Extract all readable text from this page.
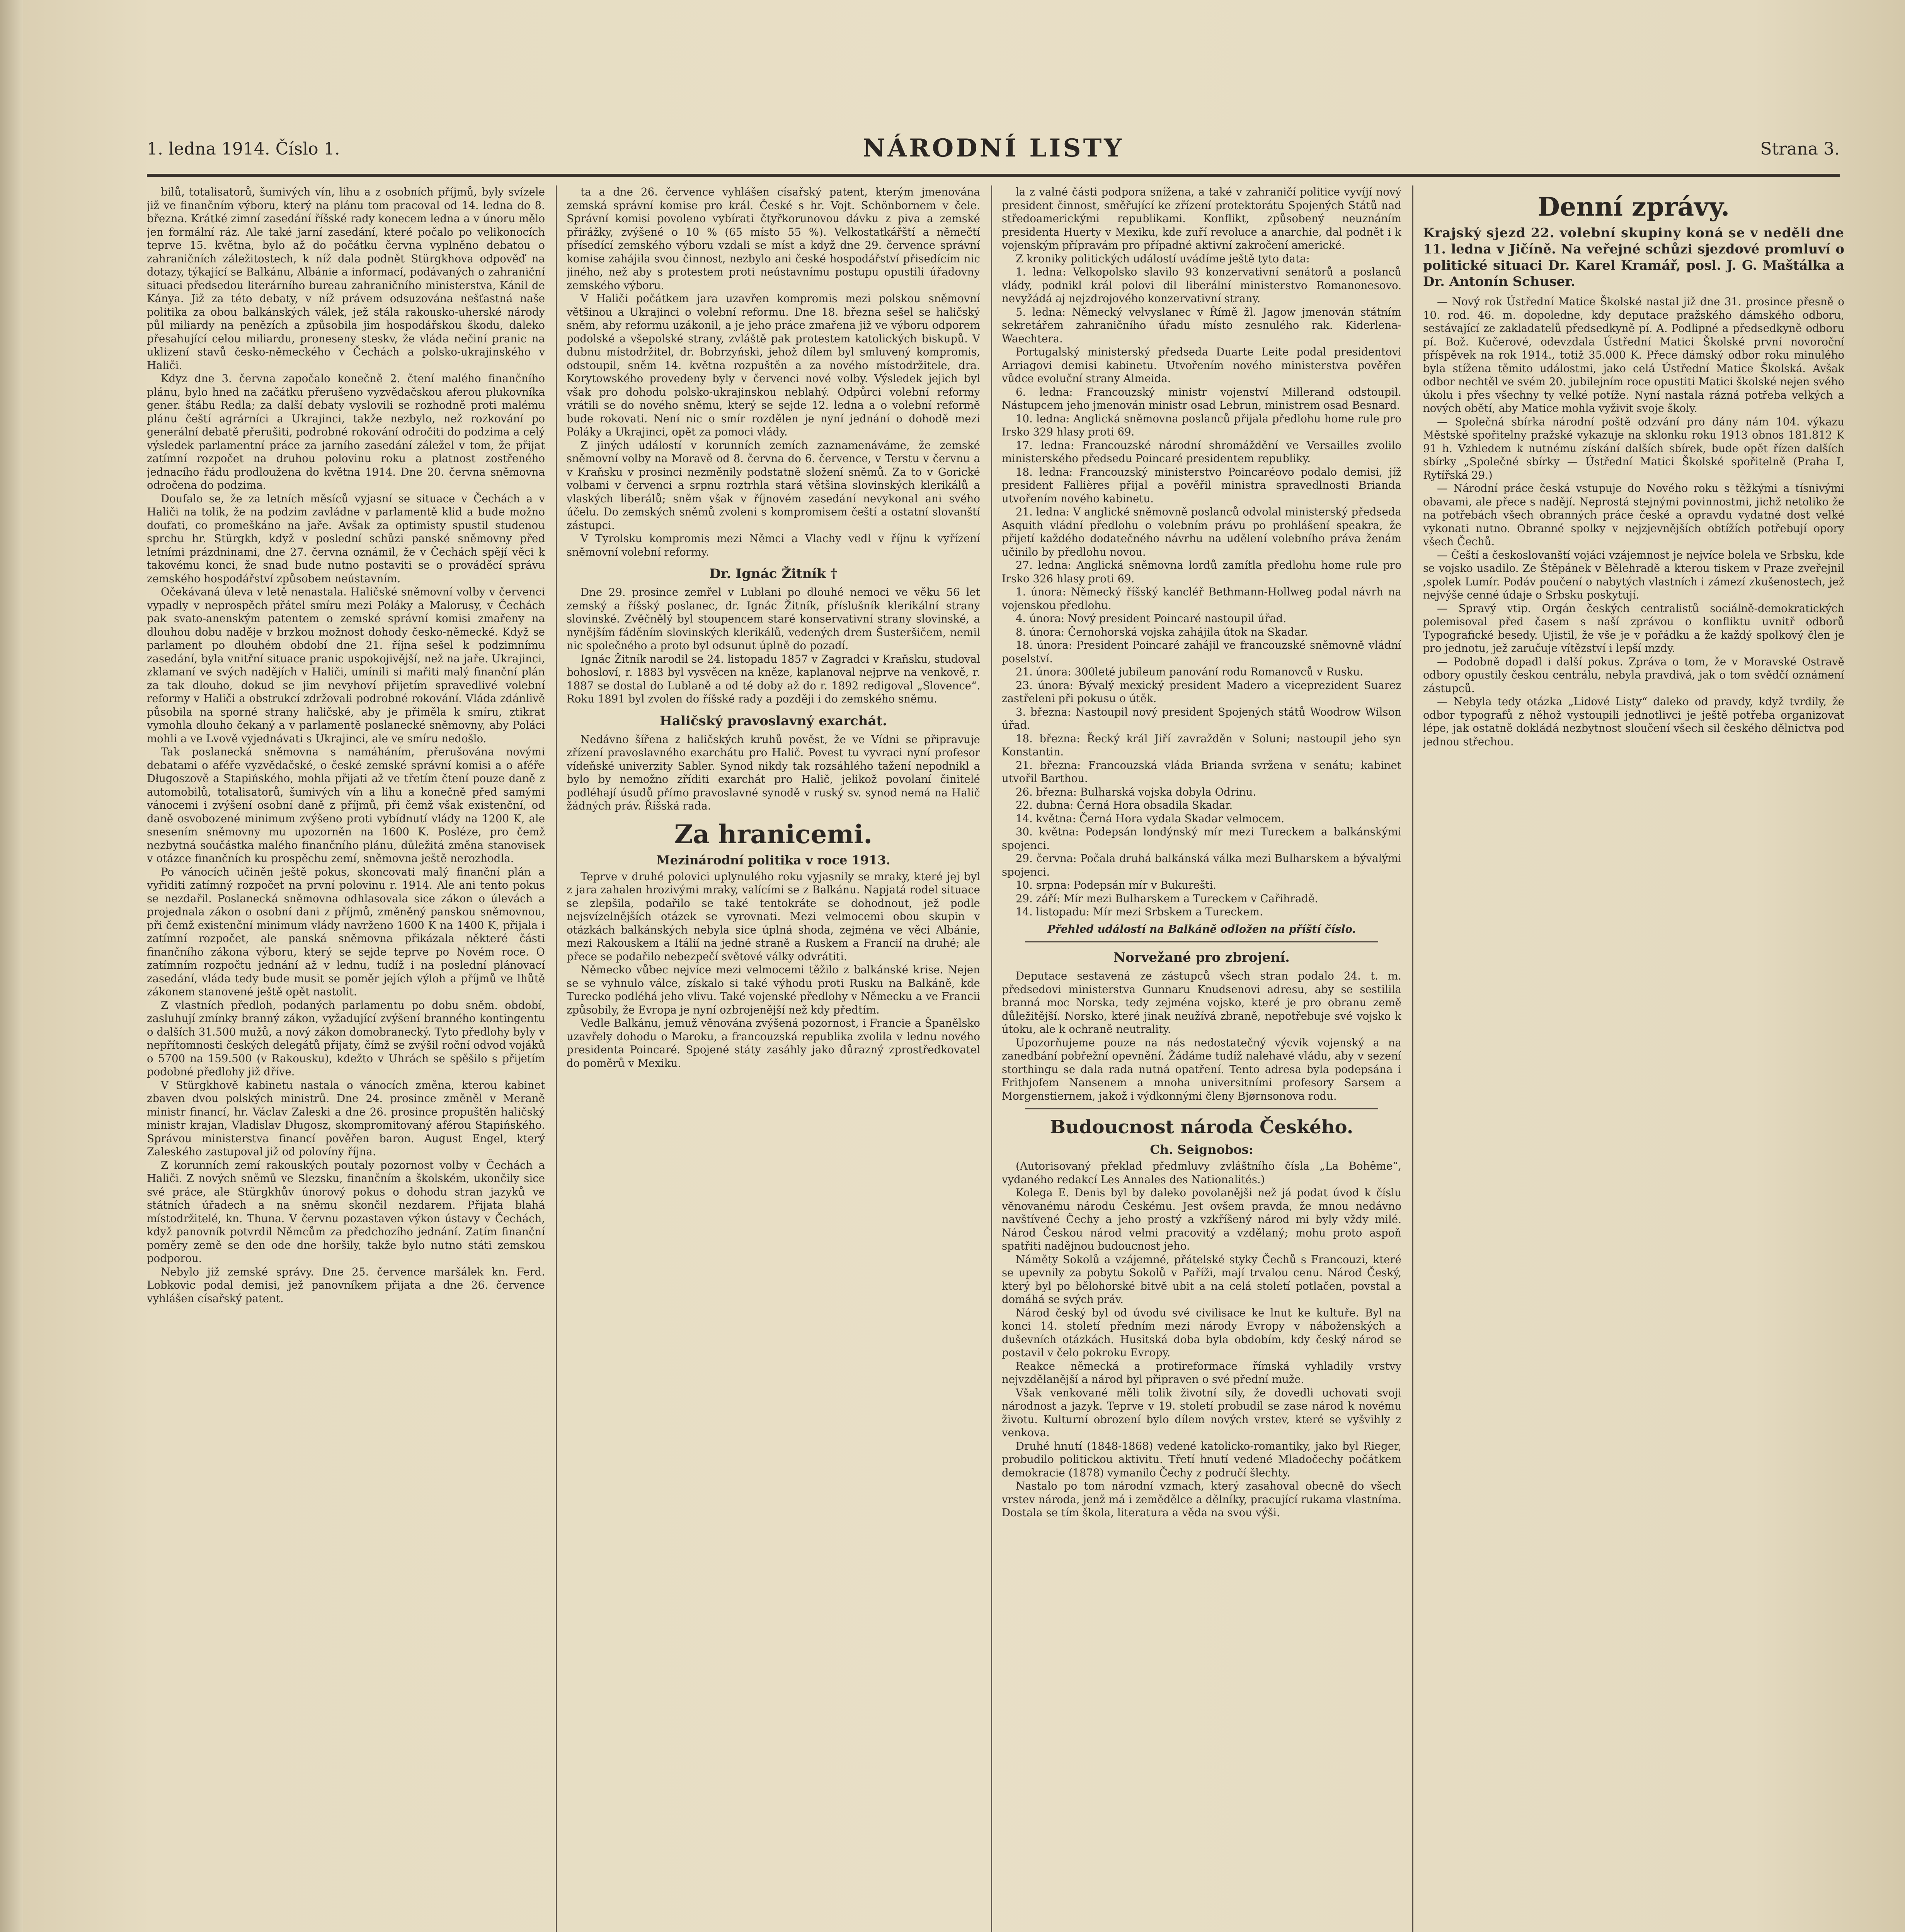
1. ledna 1914. Číslo 1.	NÁRODNÍ LISTY	Strana 3.

bilů, totalisatorů, šumivých vín, lihu a z osobních příjmů, byly svízele již ve finančním výboru, který na plánu tom pracoval od 14. ledna do 8. března. Krátké zimní zasedání říšské rady konecem ledna a v únoru mělo jen formální ráz. Ale také jarní zasedání, které počalo po velikonocích teprve 15. května, bylo až do počátku června vyplněno debatou o zahraničních záležitostech, k níž dala podnět Stürgkhova odpověď na dotazy, týkající se Balkánu, Albánie a informací, podávaných o zahraniční situaci předsedou literárního bureau zahraničního ministerstva, Kánil de Kánya. Již za této debaty, v níž právem odsuzována nešťastná naše politika za obou balkánských válek, jež stála rakousko-uherské národy půl miliardy na penězích a způsobila jim hospodářskou škodu, daleko přesahující celou miliardu, proneseny steskv, že vláda nečiní pranic na uklizení stavů česko-německého v Čechách a polsko-ukrajinského v Haliči.

Kdyz dne 3. června započalo konečně 2. čtení malého finančního plánu, bylo hned na začátku přerušeno vyzvědačskou aferou plukovníka gener. štábu Redla; za další debaty vyslovili se rozhodně proti malému plánu čeští agrárníci a Ukrajinci, takže nezbylo, než rozkování po generální debatě přerušiti, podrobné rokování odročiti do podzima a celý výsledek parlamentní práce za jarního zasedání záležel v tom, že přijat zatímní rozpočet na druhou polovinu roku a platnost zostřeného jednacího řádu prodloužena do května 1914. Dne 20. června sněmovna odročena do podzima.

Doufalo se, že za letních měsíců vyjasní se situace v Čechách a v Haliči na tolik, že na podzim zavládne v parlamentě klid a bude možno doufati, co promeškáno na jaře. Avšak za optimisty spustil studenou sprchu hr. Stürgkh, když v poslední schůzi panské sněmovny před letními prázdninami, dne 27. června oznámil, že v Čechách spějí věci k takovému konci, že snad bude nutno postaviti se o prováděcí správu zemského hospodářství způsobem neústavním.

Očekávaná úleva v letě nenastala. Haličské sněmovní volby v červenci vypadly v neprospěch přátel smíru mezi Poláky a Malorusy, v Čechách pak svato-anenským patentem o zemské správní komisi zmařeny na dlouhou dobu naděje v brzkou možnost dohody česko-německé. Když se parlament po dlouhém období dne 21. října sešel k podzimnímu zasedání, byla vnitřní situace pranic uspokojivější, než na jaře. Ukrajinci, zklamaní ve svých nadějích v Haliči, umínili si mařiti malý finanční plán za tak dlouho, dokud se jim nevyhoví přijetím spravedlivé volební reformy v Haliči a obstrukcí zdržovali podrobné rokování. Vláda zdánlivě působila na sporné strany haličské, aby je přiměla k smíru, ztikrat vymohla dlouho čekaný a v parlamentě poslanecké sněmovny, aby Poláci mohli a ve Lvově vyjednávati s Ukrajinci, ale ve smíru nedošlo.

Tak poslanecká sněmovna s namáháním, přerušována novými debatami o aféře vyzvědačské, o české zemské správní komisi a o aféře Długoszově a Stapińského, mohla přijati až ve třetím čtení pouze daně z automobilů, totalisatorů, šumivých vín a lihu a konečně před samými vánocemi i zvýšení osobní daně z příjmů, při čemž však existenční, od daně osvobozené minimum zvýšeno proti vybídnutí vlády na 1200 K, ale snesením sněmovny mu upozorněn na 1600 K. Posléze, pro čemž nezbytná součástka malého finančního plánu, důležitá změna stanovisek v otázce finančních ku prospěchu zemí, sněmovna ještě nerozhodla.

Po vánocích učiněn ještě pokus, skoncovati malý finanční plán a vyřiditi zatímný rozpočet na první polovinu r. 1914. Ale ani tento pokus se nezdařil. Poslanecká sněmovna odhlasovala sice zákon o úlevách a projednala zákon o osobní dani z příjmů, změněný panskou sněmovnou, při čemž existenční minimum vlády navrženo 1600 K na 1400 K, přijala i zatímní rozpočet, ale panská sněmovna přikázala některé části finančního zákona výboru, který se sejde teprve po Novém roce. O zatímním rozpočtu jednání až v lednu, tudíž i na poslední plánovací zasedání, vláda tedy bude musit se poměr jejích výloh a příjmů ve lhůtě zákonem stanovené ještě opět nastolit.

Z vlastních předloh, podaných parlamentu po dobu sněm. období, zasluhují zmínky branný zákon, vyžadující zvýšení branného kontingentu o dalších 31.500 mužů, a nový zákon domobranecký. Tyto předlohy byly v nepřítomnosti českých delegátů přijaty, čímž se zvýšil roční odvod vojáků o 5700 na 159.500 (v Rakousku), kdežto v Uhrách se spěšilo s přijetím podobné předlohy již dříve.

V Stürgkhově kabinetu nastala o vánocích změna, kterou kabinet zbaven dvou polských ministrů. Dne 24. prosince změněl v Meraně ministr financí, hr. Václav Zaleski a dne 26. prosince propuštěn haličský ministr krajan, Vladislav Długosz, skompromitovaný aférou Stapińského. Správou ministerstva financí pověřen baron. August Engel, který Zaleského zastupoval již od polovíny října.

Z korunních zemí rakouských poutaly pozornost volby v Čechách a Haliči. Z nových sněmů ve Slezsku, finančním a školském, ukončily sice své práce, ale Stürgkhův únorový pokus o dohodu stran jazyků ve státních úřadech a na sněmu skončil nezdarem. Přijata blahá místodržitelé, kn. Thuna. V červnu pozastaven výkon ústavy v Čechách, když panovník potvrdil Němcům za předchozího jednání. Zatím finanční poměry země se den ode dne horšily, takže bylo nutno státi zemskou podporou.

Nebylo již zemské správy. Dne 25. července maršálek kn. Ferd. Lobkovic podal demisi, jež panovníkem přijata a dne 26. července vyhlášen císařský patent.

ta a dne 26. července vyhlášen císařský patent, kterým jmenována zemská správní komise pro král. České s hr. Vojt. Schönbornem v čele. Správní komisi povoleno vybírati čtyřkorunovou dávku z piva a zemské přirážky, zvýšené o 10 % (65 místo 55 %). Velkostatkářští a němečtí přísedící zemského výboru vzdali se míst a když dne 29. července správní komise zahájila svou činnost, nezbylo ani české hospodářství přisedícím nic jiného, než aby s protestem proti neústavnímu postupu opustili úřadovny zemského výboru.

V Haliči počátkem jara uzavřen kompromis mezi polskou sněmovní většinou a Ukrajinci o volební reformu. Dne 18. března sešel se haličský sněm, aby reformu uzákonil, a je jeho práce zmařena již ve výboru odporem podolské a všepolské strany, zvláště pak protestem katolických biskupů. V dubnu místodržitel, dr. Bobrzyński, jehož dílem byl smluvený kompromis, odstoupil, sněm 14. května rozpuštěn a za nového místodržitele, dra. Korytowského provedeny byly v červenci nové volby. Výsledek jejich byl však pro dohodu polsko-ukrajinskou neblahý. Odpůrci volební reformy vrátili se do nového sněmu, který se sejde 12. ledna a o volební reformě bude rokovati. Není nic o smír rozdělen je nyní jednání o dohodě mezi Poláky a Ukrajinci, opět za pomoci vlády.

Z jiných událostí v korunních zemích zaznamenáváme, že zemské sněmovní volby na Moravě od 8. června do 6. července, v Terstu v červnu a v Kraňsku v prosinci nezměnily podstatně složení sněmů. Za to v Gorické volbami v červenci a srpnu roztrhla stará většina slovinských klerikálů a vlaských liberálů; sněm však v říjnovém zasedání nevykonal ani svého účelu. Do zemských sněmů zvoleni s kompromisem čeští a ostatní slovanští zástupci.

V Tyrolsku kompromis mezi Němci a Vlachy vedl v říjnu k vyřízení sněmovní volební reformy.

Dr. Ignác Žitník †

Dne 29. prosince zemřel v Lublani po dlouhé nemoci ve věku 56 let zemský a říšský poslanec, dr. Ignác Žitník, příslušník klerikální strany slovinské. Zvěčnělý byl stoupencem staré konservativní strany slovinské, a nynějším fáděním slovinských klerikálů, vedených drem Šusteršičem, nemil nic společného a proto byl odsunut úplně do pozadí.

Ignác Žitník narodil se 24. listopadu 1857 v Zagradci v Kraňsku, studoval bohosloví, r. 1883 byl vysvěcen na kněze, kaplanoval nejprve na venkově, r. 1887 se dostal do Lublaně a od té doby až do r. 1892 redigoval „Slovence“. Roku 1891 byl zvolen do říšské rady a později i do zemského sněmu.

Haličský pravoslavný exarchát.

Nedávno šířena z haličských kruhů pověst, že ve Vídni se připravuje zřízení pravoslavného exarchátu pro Halič. Povest tu vyvraci nyní profesor vídeňské univerzity Sabler. Synod nikdy tak rozsáhlého tažení nepodnikl a bylo by nemožno zříditi exarchát pro Halič, jelikož povolaní činitelé podléhají úsudů přímo pravoslavné synodě v ruský sv. synod nemá na Halič žádných práv. Říšská rada.

Za hranicemi.
Mezinárodní politika v roce 1913.

Teprve v druhé polovici uplynulého roku vyjasnily se mraky, které jej byl z jara zahalen hrozivými mraky, valícími se z Balkánu. Napjatá rodel situace se zlepšila, podařilo se také tentokráte se dohodnout, jež podle nejsvízelnějších otázek se vyrovnati. Mezi velmocemi obou skupin v otázkách balkánských nebyla sice úplná shoda, zejména ve věci Albánie, mezi Rakouskem a Itálií na jedné straně a Ruskem a Francií na druhé; ale přece se podařilo nebezpečí světové války odvrátiti.

Německo vůbec nejvíce mezi velmocemi těžilo z balkánské krise. Nejen se se vyhnulo válce, získalo si také výhodu proti Rusku na Balkáně, kde Turecko podléhá jeho vlivu. Také vojenské předlohy v Německu a ve Francii způsobily, že Evropa je nyní ozbrojenější než kdy předtím.

Vedle Balkánu, jemuž věnována zvýšená pozornost, i Francie a Španělsko uzavřely dohodu o Maroku, a francouzská republika zvolila v lednu nového presidenta Poincaré. Spojené státy zasáhly jako důrazný zprostředkovatel do poměrů v Mexiku.

la z valné části podpora snížena, a také v zahraničí politice vyvíjí nový president činnost, směřující ke zřízení protektorátu Spojených Států nad středoamerickými republikami. Konflikt, způsobený neuznáním presidenta Huerty v Mexiku, kde zuří revoluce a anarchie, dal podnět i k vojenským přípravám pro případné aktivní zakročení americké.

Z kroniky politických událostí uvádíme ještě tyto data:

1. ledna: Velkopolsko slavilo 93 konzervativní senátorů a poslanců vlády, podnikl král polovi dil liberální ministerstvo Romanonesovo. nevyžádá aj nejzdrojového konzervativní strany.

5. ledna: Německý velvyslanec v Římě žl. Jagow jmenován státním sekretářem zahraničního úřadu místo zesnulého rak. Kiderlena-Waechtera.

Portugalský ministerský předseda Duarte Leite podal presidentovi Arriagovi demisi kabinetu. Utvořením nového ministerstva pověřen vůdce evoluční strany Almeida.

6. ledna: Francouzský ministr vojenství Millerand odstoupil. Nástupcem jeho jmenován ministr osad Lebrun, ministrem osad Besnard.

10. ledna: Anglická sněmovna poslanců přijala předlohu home rule pro Irsko 329 hlasy proti 69.

17. ledna: Francouzské národní shromáždění ve Versailles zvolilo ministerského předsedu Poincaré presidentem republiky.

18. ledna: Francouzský ministerstvo Poincaréovo podalo demisi, jíž president Fallières přijal a pověřil ministra spravedlnosti Brianda utvořením nového kabinetu.

21. ledna: V anglické sněmovně poslanců odvolal ministerský předseda Asquith vládní předlohu o volebním právu po prohlášení speakra, že přijetí každého dodatečného návrhu na udělení volebního práva ženám učinilo by předlohu novou.

27. ledna: Anglická sněmovna lordů zamítla předlohu home rule pro Irsko 326 hlasy proti 69.

1. února: Německý říšský kancléř Bethmann-Hollweg podal návrh na vojenskou předlohu.

4. února: Nový president Poincaré nastoupil úřad.

8. února: Černohorská vojska zahájila útok na Skadar.

18. února: President Poincaré zahájil ve francouzské sněmovně vládní poselství.

21. února: 300leté jubileum panování rodu Romanovců v Rusku.

23. února: Bývalý mexický president Madero a viceprezident Suarez zastřeleni při pokusu o útěk.

3. března: Nastoupil nový president Spojených států Woodrow Wilson úřad.

18. března: Řecký král Jiří zavražděn v Soluni; nastoupil jeho syn Konstantin.

21. března: Francouzská vláda Brianda svržena v senátu; kabinet utvořil Barthou.

26. března: Bulharská vojska dobyla Odrinu.

22. dubna: Černá Hora obsadila Skadar.

14. května: Černá Hora vydala Skadar velmocem.

30. května: Podepsán londýnský mír mezi Tureckem a balkánskými spojenci.

29. června: Počala druhá balkánská válka mezi Bulharskem a bývalými spojenci.

10. srpna: Podepsán mír v Bukurešti.

29. září: Mír mezi Bulharskem a Tureckem v Cařihradě.

14. listopadu: Mír mezi Srbskem a Tureckem.

Přehled událostí na Balkáně odložen na příští číslo.
Norvežané pro zbrojení.

Deputace sestavená ze zástupců všech stran podalo 24. t. m. předsedovi ministerstva Gunnaru Knudsenovi adresu, aby se sestilila branná moc Norska, tedy zejména vojsko, které je pro obranu země důležitější. Norsko, které jinak neužívá zbraně, nepotřebuje své vojsko k útoku, ale k ochraně neutrality.

Upozorňujeme pouze na nás nedostatečný výcvik vojenský a na zanedbání pobřežní opevnění. Žádáme tudíž nalehavé vládu, aby v sezení storthingu se dala rada nutná opatření. Tento adresa byla podepsána i Frithjofem Nansenem a mnoha universitními profesory Sarsem a Morgenstiernem, jakož i výdkonnými členy Bjørnsonova rodu.

Budoucnost národa Českého.
Ch. Seignobos:

(Autorisovaný překlad předmluvy zvláštního čísla „La Bohême“, vydaného redakcí Les Annales des Nationalités.)

Kolega E. Denis byl by daleko povolanějši než já podat úvod k číslu věnovanému národu Českému. Jest ovšem pravda, že mnou nedávno navštívené Čechy a jeho prostý a vzkříšený národ mi byly vždy milé. Národ Českou národ velmi pracovitý a vzdělaný; mohu proto aspoň spatřiti nadějnou budoucnost jeho.

Náměty Sokolů a vzájemné, přátelské styky Čechů s Francouzi, které se upevnily za pobytu Sokolů v Paříži, mají trvalou cenu. Národ Český, který byl po bělohorské bitvě ubit a na celá století potlačen, povstal a domáhá se svých práv.

Národ český byl od úvodu své civilisace ke lnut ke kultuře. Byl na konci 14. století předním mezi národy Evropy v náboženských a duševních otázkách. Husitská doba byla obdobím, kdy český národ se postavil v čelo pokroku Evropy.

Reakce německá a protireformace římská vyhladily vrstvy nejvzdělanější a národ byl připraven o své přední muže.

Však venkované měli tolik životní síly, že dovedli uchovati svoji národnost a jazyk. Teprve v 19. století probudil se zase národ k novému životu. Kulturní obrození bylo dílem nových vrstev, které se vyšvihly z venkova.

Druhé hnutí (1848-1868) vedené katolicko-romantiky, jako byl Rieger, probudilo politickou aktivitu. Třetí hnutí vedené Mladočechy počátkem demokracie (1878) vymanilo Čechy z područí šlechty.

Nastalo po tom národní vzmach, který zasahoval obecně do všech vrstev národa, jenž má i zemědělce a dělníky, pracující rukama vlastníma. Dostala se tím škola, literatura a věda na svou výši.

Denní zprávy.
Krajský sjezd 22. volební skupiny koná se v neděli dne 11. ledna v Jičíně. Na veřejné schůzi sjezdové promluví o politické situaci Dr. Karel Kramář, posl. J. G. Maštálka a Dr. Antonín Schuser.

— Nový rok Ústřední Matice Školské nastal již dne 31. prosince přesně o 10. rod. 46. m. dopoledne, kdy deputace pražského dámského odboru, sestávající ze zakladatelů předsedkyně pí. A. Podlipné a předsedkyně odboru pí. Bož. Kučerové, odevzdala Ústřední Matici Školské první novoroční příspěvek na rok 1914., totiž 35.000 K. Přece dámský odbor roku minulého byla stížena těmito událostmi, jako celá Ústřední Matice Školská. Avšak odbor nechtěl ve svém 20. jubilejním roce opustiti Matici školské nejen svého úkolu i přes všechny ty velké potíže. Nyní nastala rázná potřeba velkých a nových obětí, aby Matice mohla vyživit svoje školy.

— Společná sbírka národní poště odzvání pro dány nám 104. výkazu Městské spořitelny pražské vykazuje na sklonku roku 1913 obnos 181.812 K 91 h. Vzhledem k nutnému získání dalších sbírek, bude opět řízen dalších sbírky „Společné sbírky — Ústřední Matici Školské spořitelně (Praha I, Rytířská 29.)

— Národní práce česká vstupuje do Nového roku s těžkými a tísnivými obavami, ale přece s nadějí. Neprostá stejnými povinnostmi, jichž netoliko že na potřebách všech obranných práce české a opravdu vydatné dost velké vykonati nutno. Obranné spolky v nejzjevnějších obtížích potřebují opory všech Čechů.

— Čeští a českoslovanští vojáci vzájemnost je nejvíce bolela ve Srbsku, kde se vojsko usadilo. Ze Štěpánek v Bělehradě a kterou tiskem v Praze zveřejnil ,spolek Lumír. Podáv poučení o nabytých vlastních i zámezí zkušenostech, jež nejvýše cenné údaje o Srbsku poskytují.

— Spravý vtip. Orgán českých centralistů sociálně-demokratických polemisoval před časem s naší zprávou o konfliktu uvnitř odborů Typografické besedy. Ujistil, že vše je v pořádku a že každý spolkový člen je pro jednotu, jež zaručuje vítězství i lepší mzdy.

— Podobně dopadl i další pokus. Zpráva o tom, že v Moravské Ostravě odbory opustily českou centrálu, nebyla pravdivá, jak o tom svědčí oznámení zástupců.

— Nebyla tedy otázka „Lidové Listy“ daleko od pravdy, když tvrdily, že odbor typografů z něhož vystoupili jednotlivci je ještě potřeba organizovat lépe, jak ostatně dokládá nezbytnost sloučení všech sil českého dělnictva pod jednou střechou.
